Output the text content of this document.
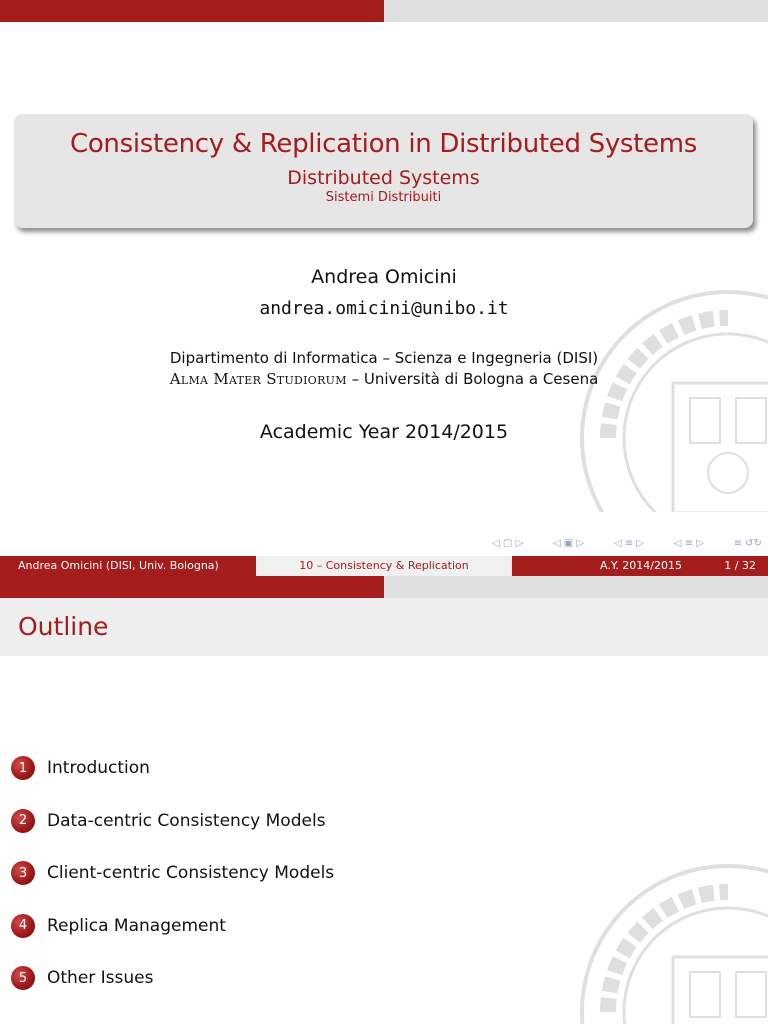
Consistency & Replication in Distributed Systems
Distributed Systems
Sistemi Distribuiti
Andrea Omicini
andrea.omicini@unibo.it
Dipartimento di Informatica – Scienza e Ingegneria (DISI)
Alma Mater Studiorum – Università di Bologna a Cesena
Academic Year 2014/2015
◁ ▢ ▷	◁ ▣ ▷	◁ ≡ ▷	◁ ≡ ▷	≡ ↺↻
Andrea Omicini (DISI, Univ. Bologna)	10 – Consistency & Replication	A.Y. 2014/2015	1 / 32
Outline
1	Introduction
2	Data-centric Consistency Models
3	Client-centric Consistency Models
4	Replica Management
5	Other Issues
